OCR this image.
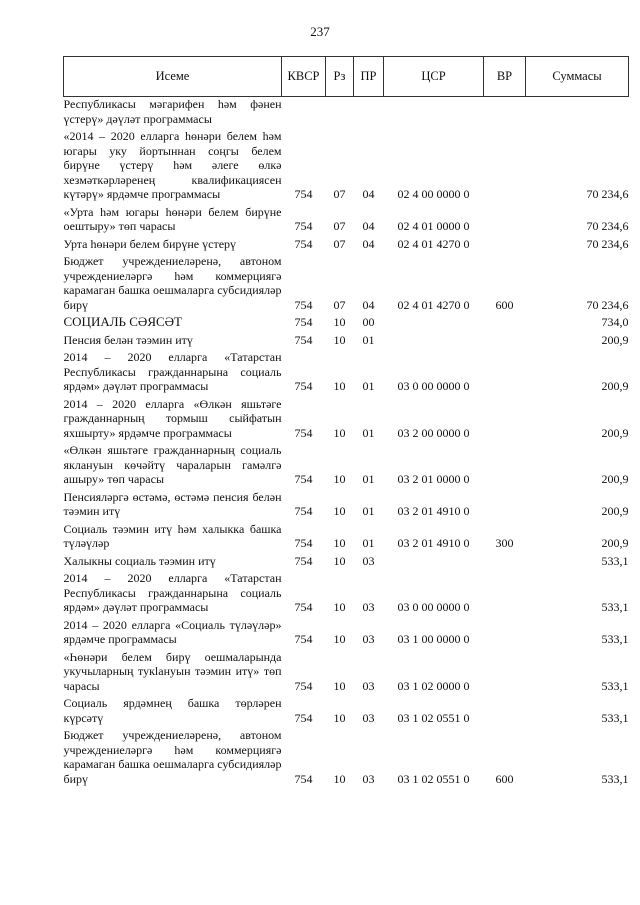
237
Исеме	КВСР	Рз	ПР	ЦСР	ВР	Суммасы
Республикасы мәгарифен һәм фәнен үстерү» дәүләт программасы						

«2014 – 2020 елларга һөнәри белем һәм югары уку йортыннан соңгы белем бирүне үстерү һәм әлеге өлкә хезмәткәрләренең квалификациясен күтәрү» ярдәмче программасы	754	07	04	02 4 00 0000 0		70 234,6

«Урта һәм югары һөнәри белем бирүне оештыру» төп чарасы	754	07	04	02 4 01 0000 0		70 234,6

Урта һөнәри белем бирүне үстерү	754	07	04	02 4 01 4270 0		70 234,6

Бюджет учреждениеләренә, автоном учреждениеләргә һәм коммерциягә карамаган башка оешмаларга субсидияләр бирү	754	07	04	02 4 01 4270 0	600	70 234,6

СОЦИАЛЬ СӘЯСӘТ	754	10	00			734,0

Пенсия белән тәэмин итү	754	10	01			200,9

2014 – 2020 елларга «Татарстан Республикасы гражданнарына социаль ярдәм» дәүләт программасы	754	10	01	03 0 00 0000 0		200,9

2014 – 2020 елларга «Өлкән яшьтәге гражданнарның тормыш сыйфатын яхшырту» ярдәмче программасы	754	10	01	03 2 00 0000 0		200,9

«Өлкән яшьтәге гражданнарның социаль яклануын көчәйтү чараларын гамәлгә ашыру» төп чарасы	754	10	01	03 2 01 0000 0		200,9

Пенсияләргә өстәмә, өстәмә пенсия белән тәэмин итү	754	10	01	03 2 01 4910 0		200,9

Социаль тәэмин итү һәм халыкка башка түләүләр	754	10	01	03 2 01 4910 0	300	200,9

Халыкны социаль тәэмин итү	754	10	03			533,1

2014 – 2020 елларга «Татарстан Республикасы гражданнарына социаль ярдәм» дәүләт программасы	754	10	03	03 0 00 0000 0		533,1

2014 – 2020 елларга «Социаль түләүләр» ярдәмче программасы	754	10	03	03 1 00 0000 0		533,1

«Һөнәри белем бирү оешмаларында укучыларның тукlануын тәэмин итү» төп чарасы	754	10	03	03 1 02 0000 0		533,1

Социаль ярдәмнең башка төрләрен күрсәтү	754	10	03	03 1 02 0551 0		533,1

Бюджет учреждениеләренә, автоном учреждениеләргә һәм коммерциягә карамаган башка оешмаларга субсидияләр бирү	754	10	03	03 1 02 0551 0	600	533,1
